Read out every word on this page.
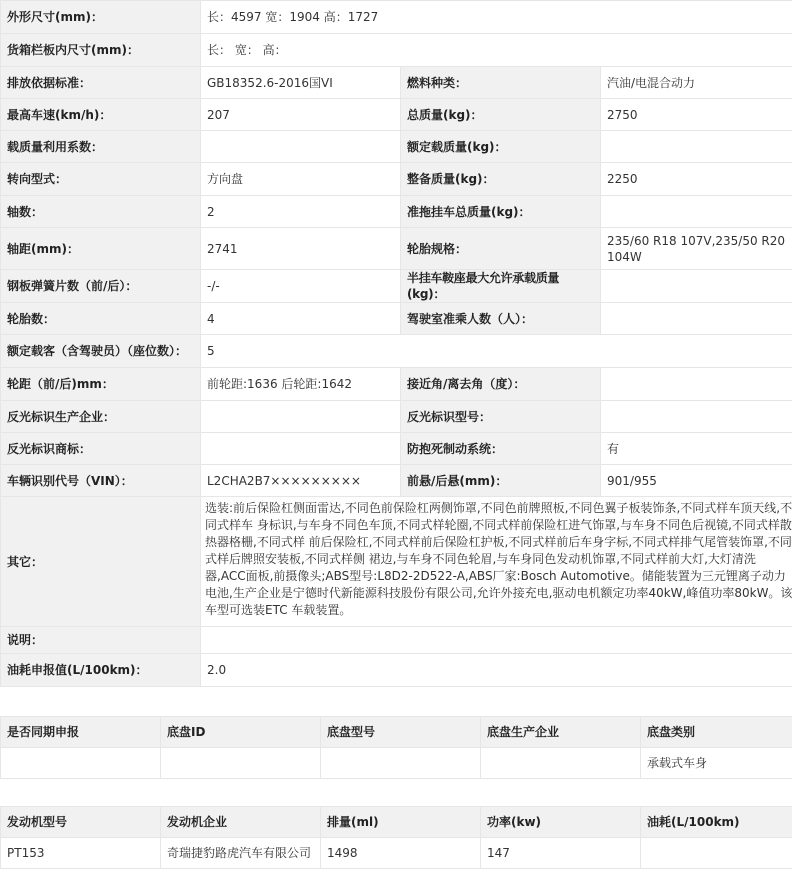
外形尺寸(mm)：	长：4597 宽：1904 高：1727		
货箱栏板内尺寸(mm)：	长： 宽： 高：		
排放依据标准：	GB18352.6-2016国VI	燃料种类：	汽油/电混合动力
最高车速(km/h)：	207	总质量(kg)：	2750
载质量利用系数：		额定载质量(kg)：	
转向型式：	方向盘	整备质量(kg)：	2250
轴数：	2	准拖挂车总质量(kg)：	
轴距(mm)：	2741	轮胎规格：	235/60 R18 107V,235/50 R20 104W
钢板弹簧片数（前/后）：	-/-	半挂车鞍座最大允许承载质量(kg)：	
轮胎数：	4	驾驶室准乘人数（人）：	
额定载客（含驾驶员）（座位数）：	5		
轮距（前/后)mm：	前轮距:1636 后轮距:1642	接近角/离去角（度）：	
反光标识生产企业：		反光标识型号：	
反光标识商标：		防抱死制动系统：	有
车辆识别代号（VIN）：	L2CHA2B7×××××××××	前悬/后悬(mm)：	901/955
其它：	选装:前后保险杠侧面雷达,不同色前保险杠两侧饰罩,不同色前牌照板,不同色翼子板装饰条,不同式样车顶天线,不同式样车 身标识,与车身不同色车顶,不同式样轮圈,不同式样前保险杠进气饰罩,与车身不同色后视镜,不同式样散热器格栅,不同式样 前后保险杠,不同式样前后保险杠护板,不同式样前后车身字标,不同式样排气尾管装饰罩,不同式样后牌照安装板,不同式样侧 裙边,与车身不同色轮眉,与车身同色发动机饰罩,不同式样前大灯,大灯清洗器,ACC面板,前摄像头;ABS型号:L8D2-2D522-A,ABS厂家:Bosch Automotive。储能装置为三元锂离子动力电池,生产企业是宁德时代新能源科技股份有限公司,允许外接充电,驱动电机额定功率40kW,峰值功率80kW。该车型可选装ETC 车载装置。		
说明：			
油耗申报值(L/100km)：	2.0		
是否同期申报	底盘ID	底盘型号	底盘生产企业	底盘类别
				承载式车身
发动机型号	发动机企业	排量(ml)	功率(kw)	油耗(L/100km)
PT153	奇瑞捷豹路虎汽车有限公司	1498	147	
